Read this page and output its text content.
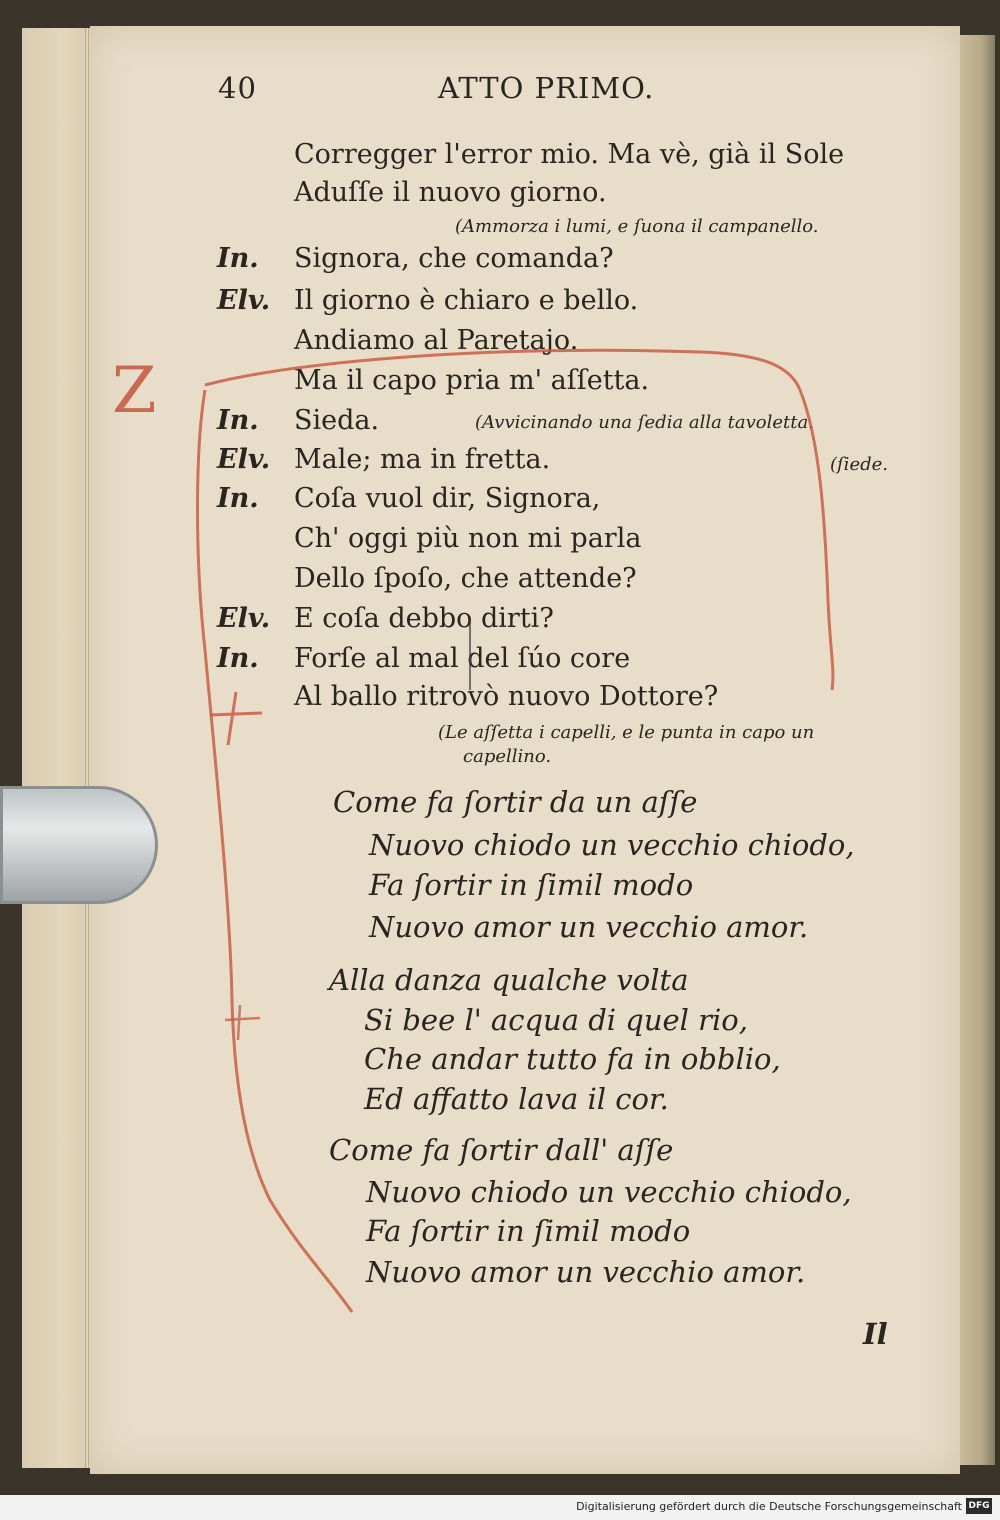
40	ATTO PRIMO.
Corregger l'error mio. Ma vè, già il Sole
Aduſſe il nuovo giorno.
(Ammorza i lumi, e ſuona il campanello.
In. Signora, che comanda?
Elv. Il giorno è chiaro e bello.
Andiamo al Paretajo.
Ma il capo pria m' aſſetta.
In. Sieda.	(Avvicinando una ſedia alla tavoletta.
Elv. Male; ma in fretta.	(ſiede.
In. Coſa vuol dir, Signora,
Ch' oggi più non mi parla
Dello ſpoſo, che attende?
Elv. E coſa debbo dirti?
In. Forſe al mal del ſúo core
Al ballo ritrovò nuovo Dottore?
(Le aſſetta i capelli, e le punta in capo un
capellino.
Come fa ſortir da un aſſe
Nuovo chiodo un vecchio chiodo,
Fa ſortir in ſimil modo
Nuovo amor un vecchio amor.
Alla danza qualche volta
Si bee l' acqua di quel rio,
Che andar tutto fa in obblio,
Ed affatto lava il cor.
Come fa ſortir dall' aſſe
Nuovo chiodo un vecchio chiodo,
Fa ſortir in ſimil modo
Nuovo amor un vecchio amor.
Il
Z
Digitalisierung gefördert durch die Deutsche Forschungsgemeinschaft DFG
